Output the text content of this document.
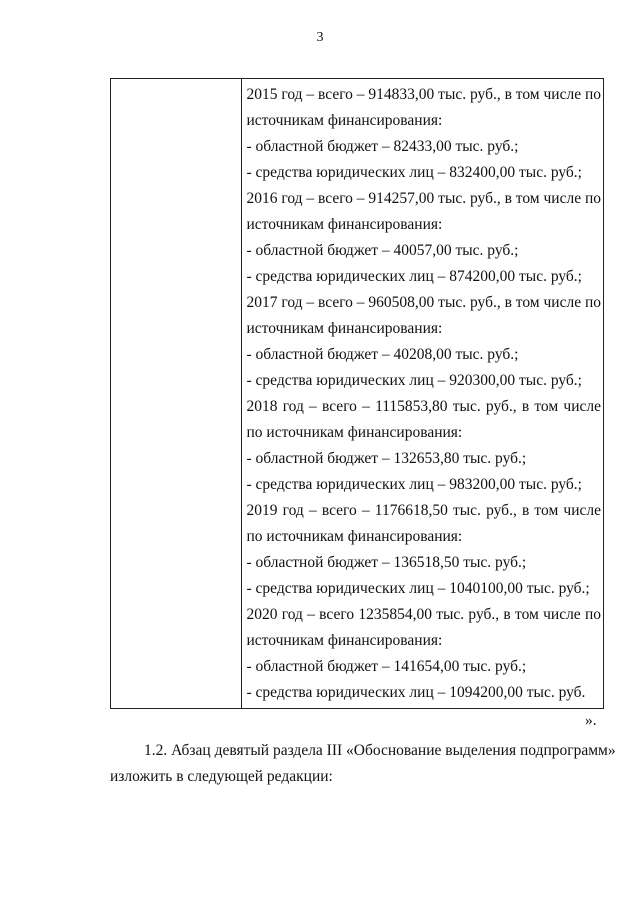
3
2015 год – всего – 914833,00 тыс. руб., в том числе по
источникам финансирования:
- областной бюджет – 82433,00 тыс. руб.;
- средства юридических лиц – 832400,00 тыс. руб.;
2016 год – всего – 914257,00 тыс. руб., в том числе по
источникам финансирования:
- областной бюджет – 40057,00 тыс. руб.;
- средства юридических лиц – 874200,00 тыс. руб.;
2017 год – всего – 960508,00 тыс. руб., в том числе по
источникам финансирования:
- областной бюджет – 40208,00 тыс. руб.;
- средства юридических лиц – 920300,00 тыс. руб.;
2018 год – всего – 1115853,80 тыс. руб., в том числе
по источникам финансирования:
- областной бюджет – 132653,80 тыс. руб.;
- средства юридических лиц – 983200,00 тыс. руб.;
2019 год – всего – 1176618,50 тыс. руб., в том числе
по источникам финансирования:
- областной бюджет – 136518,50 тыс. руб.;
- средства юридических лиц – 1040100,00 тыс. руб.;
2020 год – всего 1235854,00 тыс. руб., в том числе по
источникам финансирования:
- областной бюджет – 141654,00 тыс. руб.;
- средства юридических лиц – 1094200,00 тыс. руб.
».
1.2. Абзац девятый раздела III «Обоснование выделения подпрограмм»
изложить в следующей редакции:
